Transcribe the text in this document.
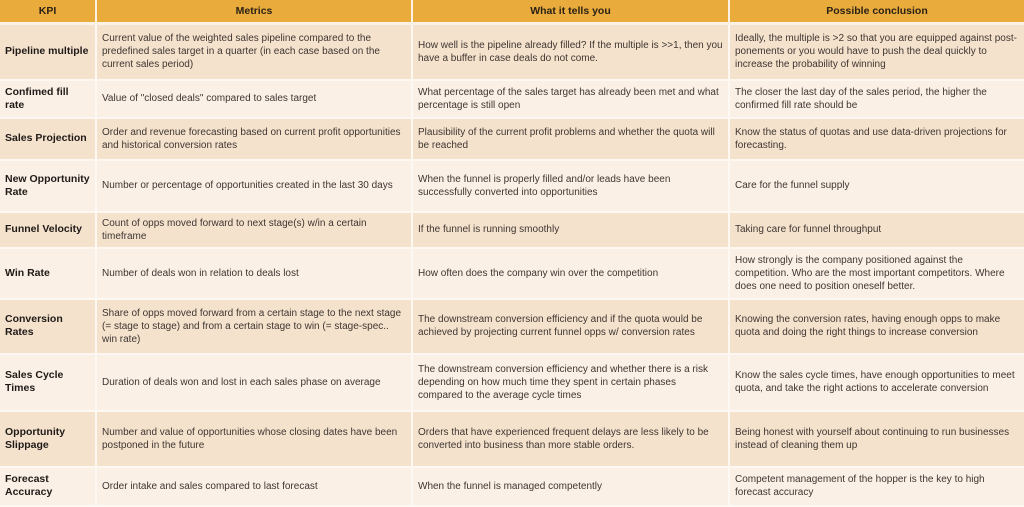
KPI	Metrics	What it tells you	Possible conclusion
Pipeline multiple	Current value of the weighted sales pipeline compared to the predefined sales target in a quarter (in each case based on the current sales period)	How well is the pipeline already filled? If the multiple is >>1, then you have a buffer in case deals do not come.	Ideally, the multiple is >2 so that you are equipped against post-ponements or you would have to push the deal quickly to increase the probability of winning
Confimed fill rate	Value of "closed deals" compared to sales target	What percentage of the sales target has already been met and what percentage is still open	The closer the last day of the sales period, the higher the confirmed fill rate should be
Sales Projection	Order and revenue forecasting based on current profit opportunities and historical conversion rates	Plausibility of the current profit problems and whether the quota will be reached	Know the status of quotas and use data-driven projections for forecasting.
New Opportunity Rate	Number or percentage of opportunities created in the last 30 days	When the funnel is properly filled and/or leads have been successfully converted into opportunities	Care for the funnel supply
Funnel Velocity	Count of opps moved forward to next stage(s) w/in a certain timeframe	If the funnel is running smoothly	Taking care for funnel throughput
Win Rate	Number of deals won in relation to deals lost	How often does the company win over the competition	How strongly is the company positioned against the competition. Who are the most important competitors. Where does one need to position oneself better.
Conversion Rates	Share of opps moved forward from a certain stage to the next stage (= stage to stage) and from a certain stage to win (= stage-spec.. win rate)	The downstream conversion efficiency and if the quota would be achieved by projecting current funnel opps w/ conversion rates	Knowing the conversion rates, having enough opps to make quota and doing the right things to increase conversion
Sales Cycle Times	Duration of deals won and lost in each sales phase on average	The downstream conversion efficiency and whether there is a risk depending on how much time they spent in certain phases compared to the average cycle times	Know the sales cycle times, have enough opportunities to meet quota, and take the right actions to accelerate conversion
Opportunity Slippage	Number and value of opportunities whose closing dates have been postponed in the future	Orders that have experienced frequent delays are less likely to be converted into business than more stable orders.	Being honest with yourself about continuing to run businesses instead of cleaning them up
Forecast Accuracy	Order intake and sales compared to last forecast	When the funnel is managed competently	Competent management of the hopper is the key to high forecast accuracy
